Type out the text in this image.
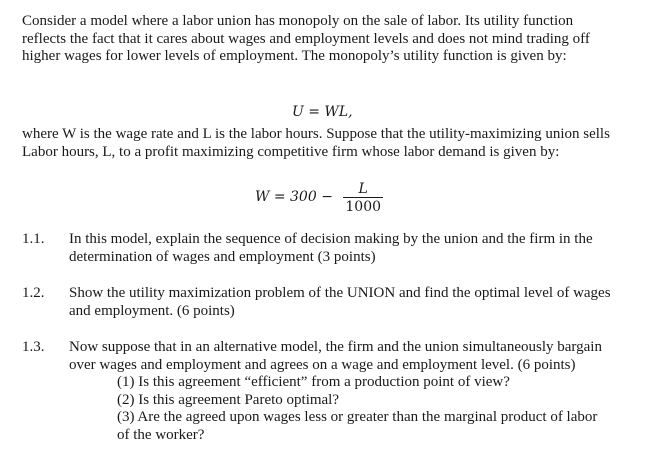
Consider a model where a labor union has monopoly on the sale of labor. Its utility function
reflects the fact that it cares about wages and employment levels and does not mind trading off
higher wages for lower levels of employment. The monopoly’s utility function is given by:
U = WL,
where W is the wage rate and L is the labor hours. Suppose that the utility-maximizing union sells
Labor hours, L, to a profit maximizing competitive firm whose labor demand is given by:
$W = 300 - \frac{L}{1000}$
1.1. In this model, explain the sequence of decision making by the union and the firm in the
determination of wages and employment (3 points)
1.2. Show the utility maximization problem of the UNION and find the optimal level of wages
and employment. (6 points)
1.3. Now suppose that in an alternative model, the firm and the union simultaneously bargain
over wages and employment and agrees on a wage and employment level. (6 points)
(1) Is this agreement “efficient” from a production point of view?
(2) Is this agreement Pareto optimal?
(3) Are the agreed upon wages less or greater than the marginal product of labor
of the worker?
